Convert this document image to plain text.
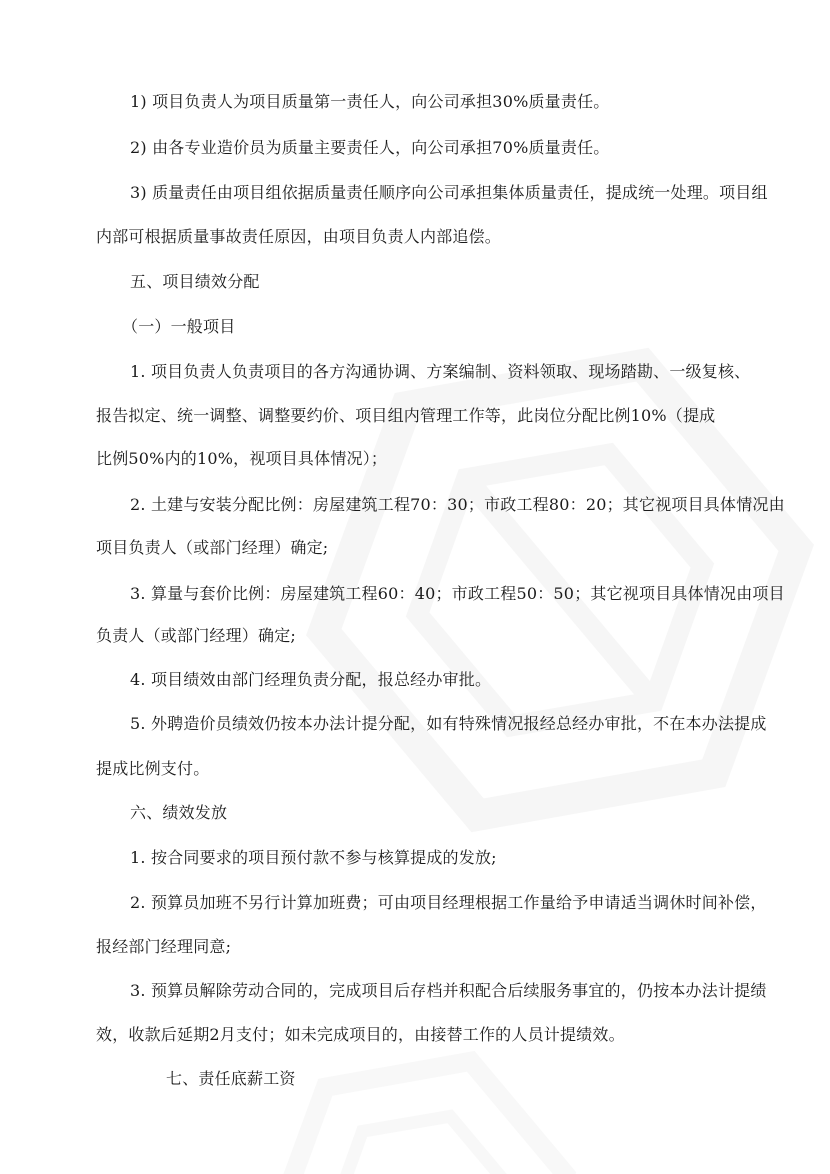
1) 项目负责人为项目质量第一责任人，向公司承担30%质量责任。
2) 由各专业造价员为质量主要责任人，向公司承担70%质量责任。
3) 质量责任由项目组依据质量责任顺序向公司承担集体质量责任，提成统一处理。项目组
内部可根据质量事故责任原因，由项目负责人内部追偿。
五、项目绩效分配
（一）一般项目
1. 项目负责人负责项目的各方沟通协调、方案编制、资料领取、现场踏勘、一级复核、
报告拟定、统一调整、调整要约价、项目组内管理工作等，此岗位分配比例10%（提成
比例50%内的10%，视项目具体情况）；
2. 土建与安装分配比例：房屋建筑工程70：30；市政工程80：20；其它视项目具体情况由
项目负责人（或部门经理）确定;
3. 算量与套价比例：房屋建筑工程60：40；市政工程50：50；其它视项目具体情况由项目
负责人（或部门经理）确定;
4. 项目绩效由部门经理负责分配，报总经办审批。
5. 外聘造价员绩效仍按本办法计提分配，如有特殊情况报经总经办审批，不在本办法提成
提成比例支付。
六、绩效发放
1. 按合同要求的项目预付款不参与核算提成的发放;
2. 预算员加班不另行计算加班费；可由项目经理根据工作量给予申请适当调休时间补偿，
报经部门经理同意;
3. 预算员解除劳动合同的，完成项目后存档并积配合后续服务事宜的，仍按本办法计提绩
效，收款后延期2月支付；如未完成项目的，由接替工作的人员计提绩效。
七、责任底薪工资
